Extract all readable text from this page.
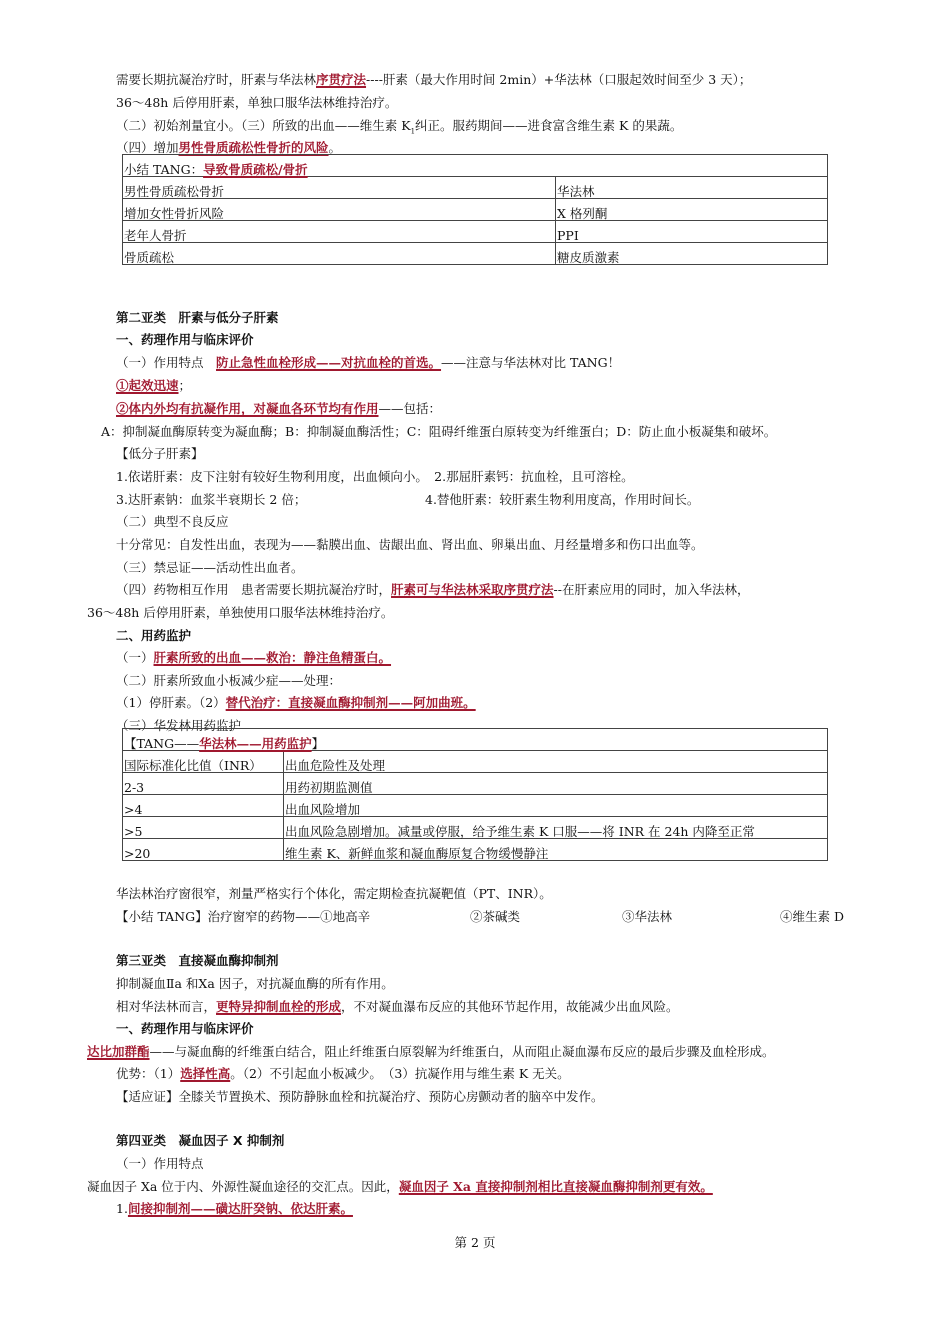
需要长期抗凝治疗时，肝素与华法林序贯疗法----肝素（最大作用时间 2min）+华法林（口服起效时间至少 3 天）；
36～48h 后停用肝素，单独口服华法林维持治疗。
（二）初始剂量宜小。（三）所致的出血——维生素 $K_1$纠正。服药期间——进食富含维生素 K 的果蔬。
（四）增加男性骨质疏松性骨折的风险。
小结 TANG：导致骨质疏松/骨折	
男性骨质疏松骨折	华法林
增加女性骨折风险	X 格列酮
老年人骨折	PPI
骨质疏松	糖皮质激素
第二亚类　肝素与低分子肝素
一、药理作用与临床评价
（一）作用特点　防止急性血栓形成——对抗血栓的首选。——注意与华法林对比 TANG！
①起效迅速；
②体内外均有抗凝作用，对凝血各环节均有作用——包括：
A：抑制凝血酶原转变为凝血酶；B：抑制凝血酶活性；C：阻碍纤维蛋白原转变为纤维蛋白；D：防止血小板凝集和破坏。
【低分子肝素】
1.依诺肝素：皮下注射有较好生物利用度，出血倾向小。　2.那屈肝素钙：抗血栓，且可溶栓。
3.达肝素钠：血浆半衰期长 2 倍；	4.替他肝素：较肝素生物利用度高，作用时间长。
（二）典型不良反应
十分常见：自发性出血，表现为——黏膜出血、齿龈出血、肾出血、卵巢出血、月经量增多和伤口出血等。
（三）禁忌证——活动性出血者。
（四）药物相互作用　患者需要长期抗凝治疗时，肝素可与华法林采取序贯疗法--在肝素应用的同时，加入华法林，
36～48h 后停用肝素，单独使用口服华法林维持治疗。
二、用药监护
（一）肝素所致的出血——救治：静注鱼精蛋白。
（二）肝素所致血小板减少症——处理：
（1）停肝素。（2）替代治疗：直接凝血酶抑制剂——阿加曲班。
（三）华发林用药监护
【TANG——华法林——用药监护】	
国际标准化比值（INR）	出血危险性及处理
2-3	用药初期监测值
>4	出血风险增加
>5	出血风险急剧增加。减量或停服，给予维生素 K 口服——将 INR 在 24h 内降至正常
>20	维生素 K、新鲜血浆和凝血酶原复合物缓慢静注
华法林治疗窗很窄，剂量严格实行个体化，需定期检查抗凝靶值（PT、INR）。
【小结 TANG】治疗窗窄的药物——①地高辛	②茶碱类	③华法林	④维生素 D
第三亚类　直接凝血酶抑制剂
抑制凝血Ⅱa 和Ⅹa 因子，对抗凝血酶的所有作用。
相对华法林而言，更特异抑制血栓的形成，不对凝血瀑布反应的其他环节起作用，故能减少出血风险。
一、药理作用与临床评价
达比加群酯——与凝血酶的纤维蛋白结合，阻止纤维蛋白原裂解为纤维蛋白，从而阻止凝血瀑布反应的最后步骤及血栓形成。
优势：（1）选择性高。（2）不引起血小板减少。　（3）抗凝作用与维生素 K 无关。
【适应证】全膝关节置换术、预防静脉血栓和抗凝治疗、预防心房颤动者的脑卒中发作。
第四亚类　凝血因子 X 抑制剂
（一）作用特点
凝血因子 Xa 位于内、外源性凝血途径的交汇点。因此，凝血因子 Xa 直接抑制剂相比直接凝血酶抑制剂更有效。
1.间接抑制剂——磺达肝癸钠、依达肝素。
第 2 页
